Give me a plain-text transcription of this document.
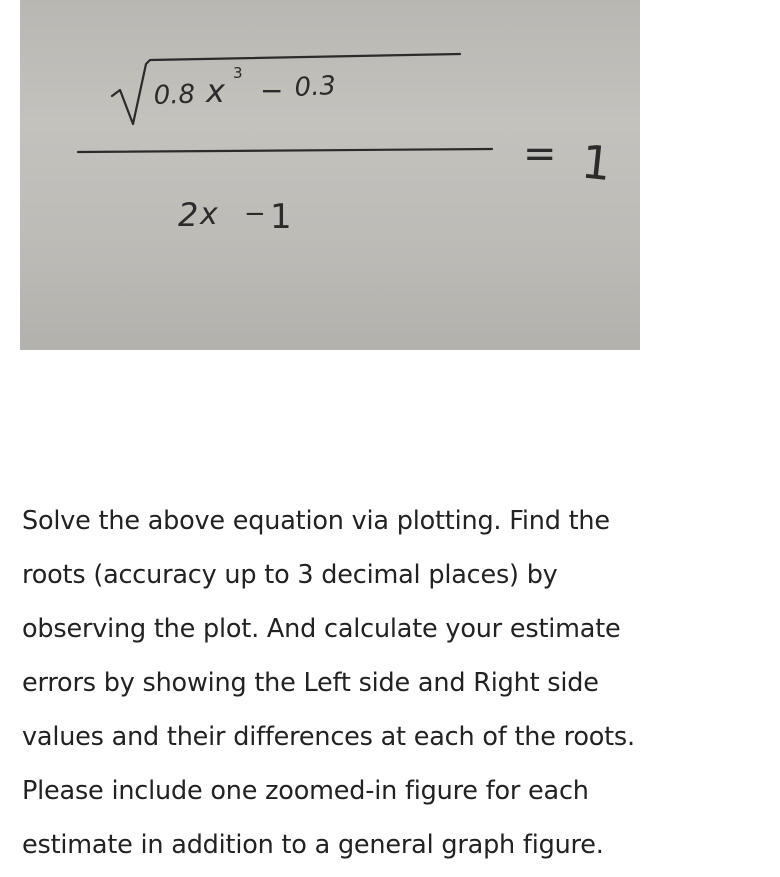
0.8 x 3
− 0.3
2 x − 1
= 1
Solve the above equation via plotting. Find the
roots (accuracy up to 3 decimal places) by
observing the plot. And calculate your estimate
errors by showing the Left side and Right side
values and their differences at each of the roots.
Please include one zoomed-in figure for each
estimate in addition to a general graph figure.
